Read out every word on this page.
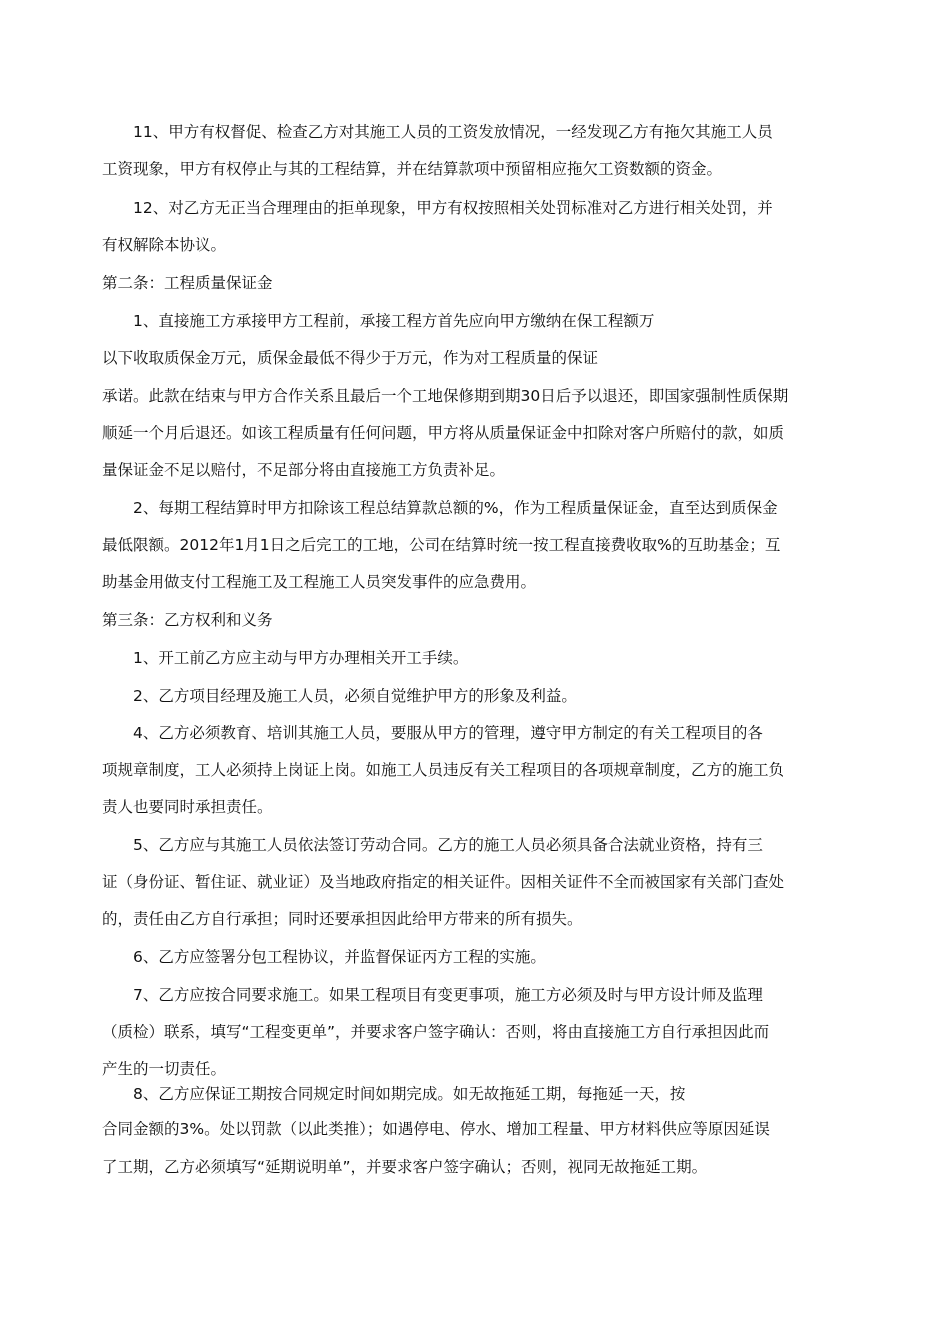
11、甲方有权督促、检查乙方对其施工人员的工资发放情况，一经发现乙方有拖欠其施工人员
工资现象，甲方有权停止与其的工程结算，并在结算款项中预留相应拖欠工资数额的资金。
12、对乙方无正当合理理由的拒单现象，甲方有权按照相关处罚标准对乙方进行相关处罚，并
有权解除本协议。
第二条：工程质量保证金
1、直接施工方承接甲方工程前，承接工程方首先应向甲方缴纳在保工程额万
以下收取质保金万元，质保金最低不得少于万元，作为对工程质量的保证
承诺。此款在结束与甲方合作关系且最后一个工地保修期到期30日后予以退还，即国家强制性质保期
顺延一个月后退还。如该工程质量有任何问题，甲方将从质量保证金中扣除对客户所赔付的款，如质
量保证金不足以赔付，不足部分将由直接施工方负责补足。
2、每期工程结算时甲方扣除该工程总结算款总额的%，作为工程质量保证金，直至达到质保金
最低限额。2012年1月1日之后完工的工地，公司在结算时统一按工程直接费收取%的互助基金；互
助基金用做支付工程施工及工程施工人员突发事件的应急费用。
第三条：乙方权利和义务
1、开工前乙方应主动与甲方办理相关开工手续。
2、乙方项目经理及施工人员，必须自觉维护甲方的形象及利益。
4、乙方必须教育、培训其施工人员，要服从甲方的管理，遵守甲方制定的有关工程项目的各
项规章制度，工人必须持上岗证上岗。如施工人员违反有关工程项目的各项规章制度，乙方的施工负
责人也要同时承担责任。
5、乙方应与其施工人员依法签订劳动合同。乙方的施工人员必须具备合法就业资格，持有三
证（身份证、暂住证、就业证）及当地政府指定的相关证件。因相关证件不全而被国家有关部门查处
的，责任由乙方自行承担；同时还要承担因此给甲方带来的所有损失。
6、乙方应签署分包工程协议，并监督保证丙方工程的实施。
7、乙方应按合同要求施工。如果工程项目有变更事项，施工方必须及时与甲方设计师及监理
（质检）联系，填写“工程变更单”，并要求客户签字确认：否则，将由直接施工方自行承担因此而
产生的一切责任。
8、乙方应保证工期按合同规定时间如期完成。如无故拖延工期，每拖延一天，按
合同金额的3%。处以罚款（以此类推）；如遇停电、停水、增加工程量、甲方材料供应等原因延误
了工期，乙方必须填写“延期说明单”，并要求客户签字确认；否则，视同无故拖延工期。
